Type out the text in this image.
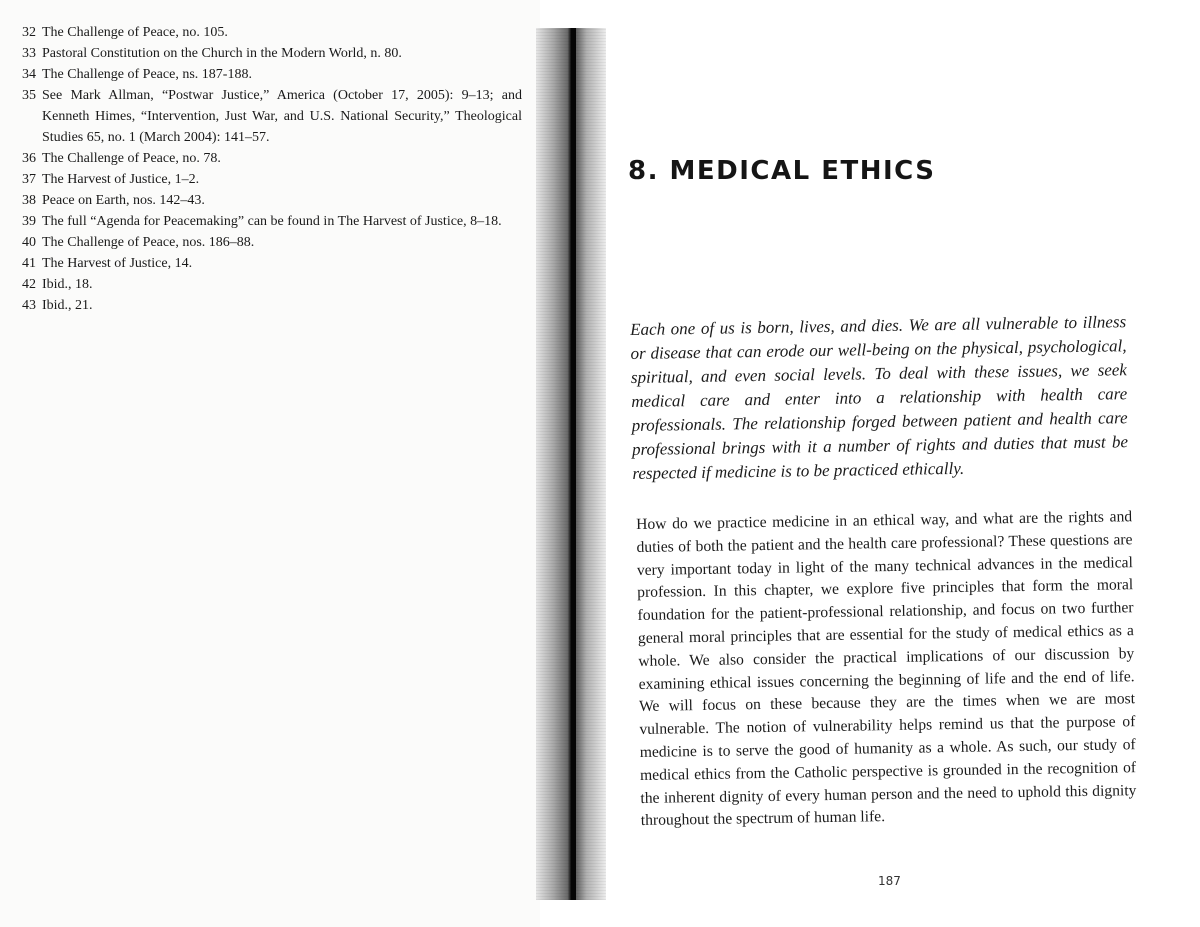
32 The Challenge of Peace, no. 105.
33 Pastoral Constitution on the Church in the Modern World, n. 80.
34 The Challenge of Peace, ns. 187-188.
35 See Mark Allman, “Postwar Justice,” America (October 17, 2005): 9–13; and Kenneth Himes, “Intervention, Just War, and U.S. National Security,” Theological Studies 65, no. 1 (March 2004): 141–57.
36 The Challenge of Peace, no. 78.
37 The Harvest of Justice, 1–2.
38 Peace on Earth, nos. 142–43.
39 The full “Agenda for Peacemaking” can be found in The Harvest of Justice, 8–18.
40 The Challenge of Peace, nos. 186–88.
41 The Harvest of Justice, 14.
42 Ibid., 18.
43 Ibid., 21.
8. MEDICAL ETHICS

Each one of us is born, lives, and dies. We are all vulnerable to illness or disease that can erode our well-being on the physical, psychological, spiritual, and even social levels. To deal with these issues, we seek medical care and enter into a relationship with health care professionals. The relationship forged between patient and health care professional brings with it a number of rights and duties that must be respected if medicine is to be practiced ethically.

How do we practice medicine in an ethical way, and what are the rights and duties of both the patient and the health care professional? These questions are very important today in light of the many technical advances in the medical profession. In this chapter, we explore five principles that form the moral foundation for the patient-professional relationship, and focus on two further general moral principles that are essential for the study of medical ethics as a whole. We also consider the practical implications of our discussion by examining ethical issues concerning the beginning of life and the end of life. We will focus on these because they are the times when we are most vulnerable. The notion of vulnerability helps remind us that the purpose of medicine is to serve the good of humanity as a whole. As such, our study of medical ethics from the Catholic perspective is grounded in the recognition of the inherent dignity of every human person and the need to uphold this dignity throughout the spectrum of human life.

187
